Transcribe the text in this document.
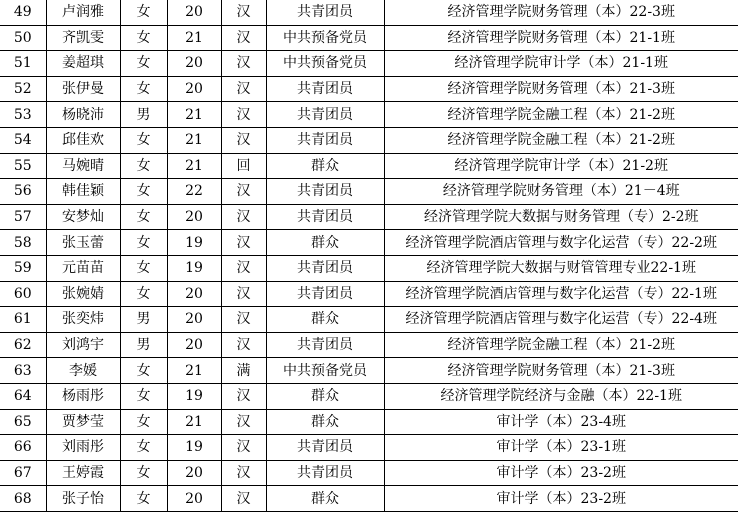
49	卢润雅	女	20	汉	共青团员	经济管理学院财务管理（本）22-3班
50	齐凯雯	女	21	汉	中共预备党员	经济管理学院财务管理（本）21-1班
51	姜超琪	女	20	汉	中共预备党员	经济管理学院审计学（本）21-1班
52	张伊曼	女	20	汉	共青团员	经济管理学院财务管理（本）21-3班
53	杨晓沛	男	21	汉	共青团员	经济管理学院金融工程（本）21-2班
54	邱佳欢	女	21	汉	共青团员	经济管理学院金融工程（本）21-2班
55	马婉晴	女	21	回	群众	经济管理学院审计学（本）21-2班
56	韩佳颖	女	22	汉	共青团员	经济管理学院财务管理（本）21－4班
57	安梦灿	女	20	汉	共青团员	经济管理学院大数据与财务管理（专）2-2班
58	张玉蕾	女	19	汉	群众	经济管理学院酒店管理与数字化运营（专）22-2班
59	元苗苗	女	19	汉	共青团员	经济管理学院大数据与财管管理专业22-1班
60	张婉婧	女	20	汉	共青团员	经济管理学院酒店管理与数字化运营（专）22-1班
61	张奕炜	男	20	汉	群众	经济管理学院酒店管理与数字化运营（专）22-4班
62	刘鸿宇	男	20	汉	共青团员	经济管理学院金融工程（本）21-2班
63	李媛	女	21	满	中共预备党员	经济管理学院财务管理（本）21-3班
64	杨雨彤	女	19	汉	群众	经济管理学院经济与金融（本）22-1班
65	贾梦莹	女	21	汉	群众	审计学（本）23-4班
66	刘雨彤	女	19	汉	共青团员	审计学（本）23-1班
67	王婷霞	女	20	汉	共青团员	审计学（本）23-2班
68	张子怡	女	20	汉	群众	审计学（本）23-2班
